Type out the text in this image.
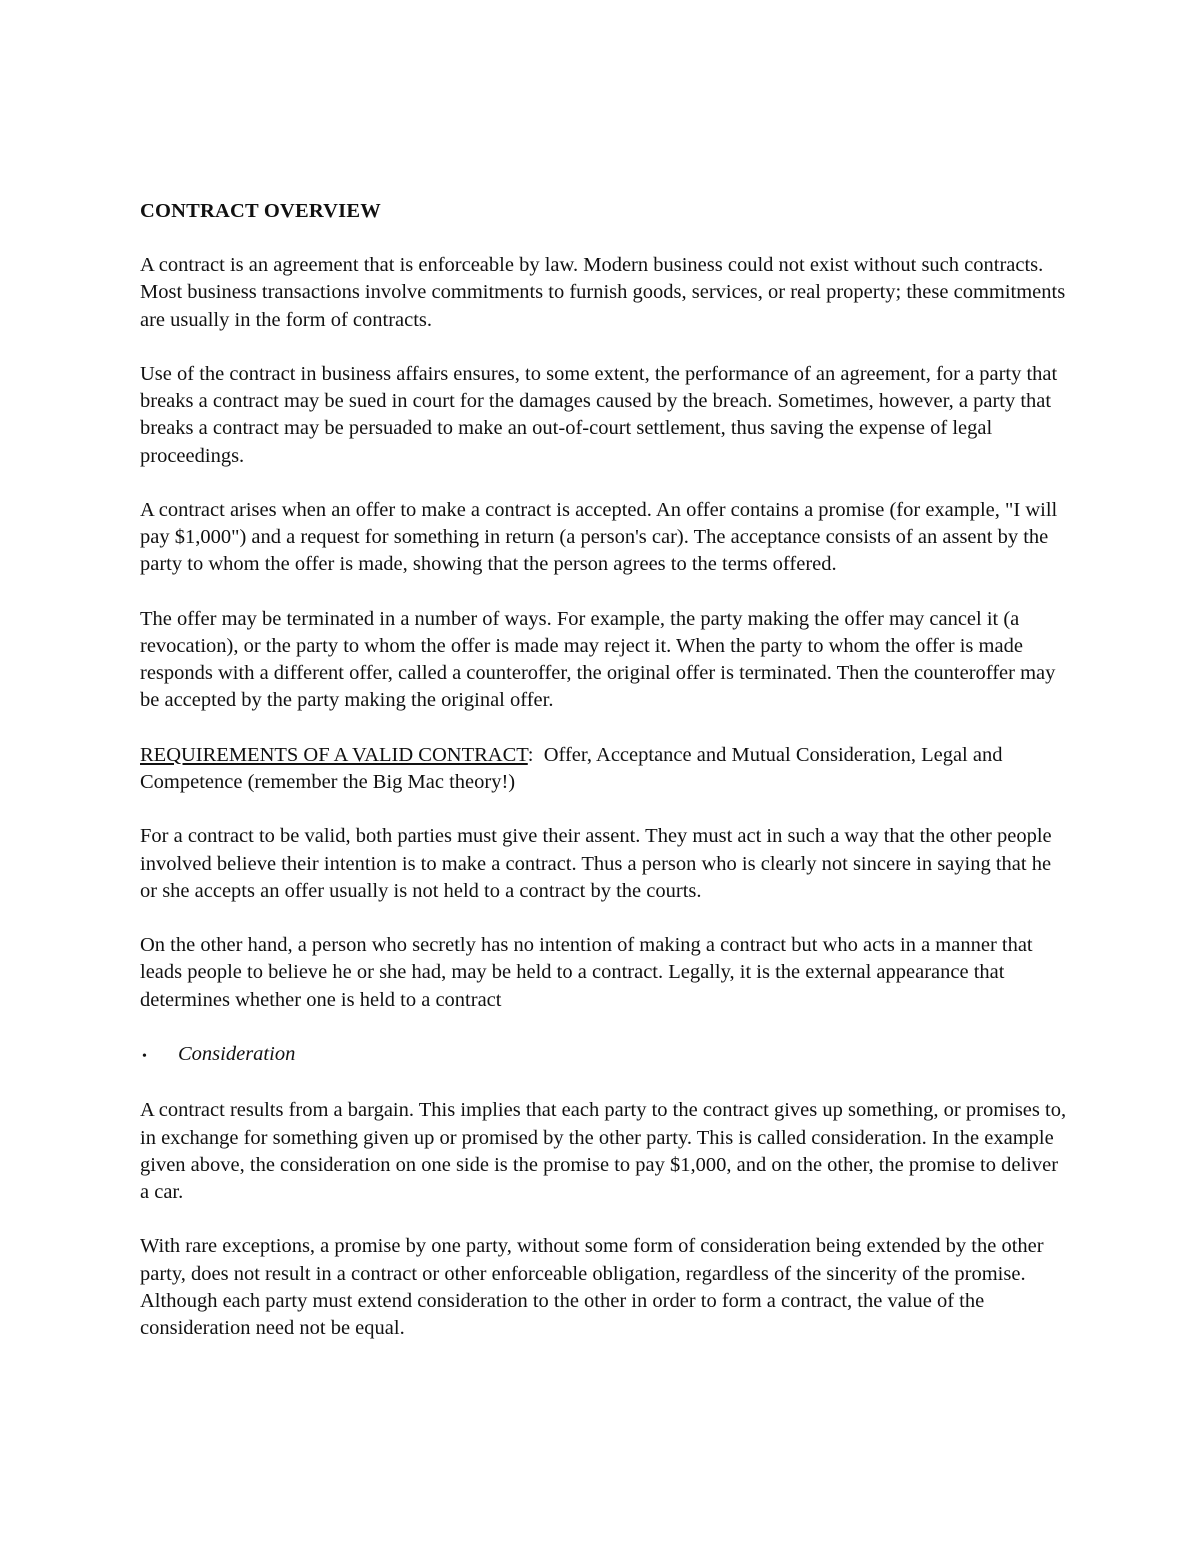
CONTRACT OVERVIEW

A contract is an agreement that is enforceable by law. Modern business could not exist without such contracts. Most business transactions involve commitments to furnish goods, services, or real property; these commitments are usually in the form of contracts.

Use of the contract in business affairs ensures, to some extent, the performance of an agreement, for a party that breaks a contract may be sued in court for the damages caused by the breach. Sometimes, however, a party that breaks a contract may be persuaded to make an out-of-court settlement, thus saving the expense of legal proceedings.

A contract arises when an offer to make a contract is accepted. An offer contains a promise (for example, "I will pay $1,000") and a request for something in return (a person's car). The acceptance consists of an assent by the party to whom the offer is made, showing that the person agrees to the terms offered.

The offer may be terminated in a number of ways. For example, the party making the offer may cancel it (a revocation), or the party to whom the offer is made may reject it. When the party to whom the offer is made responds with a different offer, called a counteroffer, the original offer is terminated. Then the counteroffer may be accepted by the party making the original offer.

REQUIREMENTS OF A VALID CONTRACT:  Offer, Acceptance and Mutual Consideration, Legal and Competence (remember the Big Mac theory!)

For a contract to be valid, both parties must give their assent. They must act in such a way that the other people involved believe their intention is to make a contract. Thus a person who is clearly not sincere in saying that he or she accepts an offer usually is not held to a contract by the courts.

On the other hand, a person who secretly has no intention of making a contract but who acts in a manner that leads people to believe he or she had, may be held to a contract. Legally, it is the external appearance that determines whether one is held to a contract

•	Consideration

A contract results from a bargain. This implies that each party to the contract gives up something, or promises to, in exchange for something given up or promised by the other party. This is called consideration. In the example given above, the consideration on one side is the promise to pay $1,000, and on the other, the promise to deliver a car.

With rare exceptions, a promise by one party, without some form of consideration being extended by the other party, does not result in a contract or other enforceable obligation, regardless of the sincerity of the promise. Although each party must extend consideration to the other in order to form a contract, the value of the consideration need not be equal.
